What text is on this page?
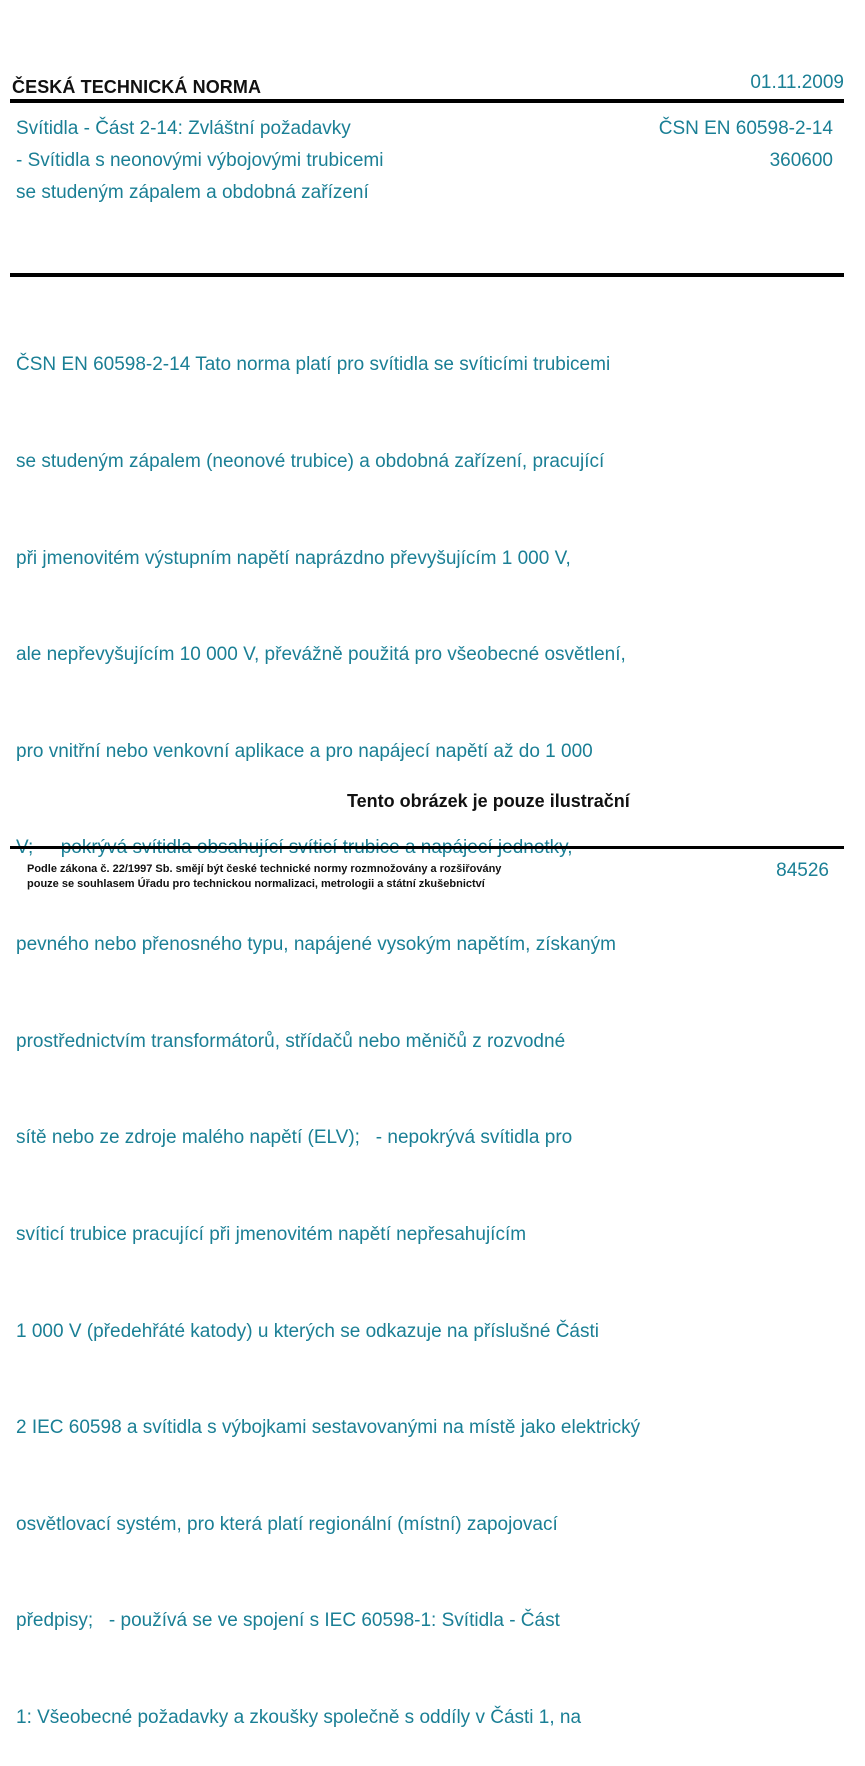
ČESKÁ TECHNICKÁ NORMA	01.11.2009
Svítidla - Část 2-14: Zvláštní požadavky
- Svítidla s neonovými výbojovými trubicemi
se studeným zápalem a obdobná zařízení
ČSN EN 60598-2-14
360600

ČSN EN 60598-2-14 Tato norma platí pro svítidla se svíticími trubicemi

se studeným zápalem (neonové trubice) a obdobná zařízení, pracující

při jmenovitém výstupním napětí naprázdno převyšujícím 1 000 V,

ale nepřevyšujícím 10 000 V, převážně použitá pro všeobecné osvětlení,

pro vnitřní nebo venkovní aplikace a pro napájecí napětí až do 1 000

pevného nebo přenosného typu, napájené vysokým napětím, získaným

prostřednictvím transformátorů, střídačů nebo měničů z rozvodné

sítě nebo ze zdroje malého napětí (ELV);   - nepokrývá svítidla pro

svíticí trubice pracující při jmenovitém napětí nepřesahujícím

1 000 V (předehřáté katody) u kterých se odkazuje na příslušné Části

2 IEC 60598 a svítidla s výbojkami sestavovanými na místě jako elektrický

osvětlovací systém, pro která platí regionální (místní) zapojovací

předpisy;   - používá se ve spojení s IEC 60598-1: Svítidla - Část

1: Všeobecné požadavky a zkoušky společně s oddíly v Části 1, na

Tento obrázek je pouze ilustrační
Podle zákona č. 22/1997 Sb. smějí být české technické normy rozmnožovány a rozšiřovány
pouze se souhlasem Úřadu pro technickou normalizaci, metrologii a státní zkušebnictví
84526
